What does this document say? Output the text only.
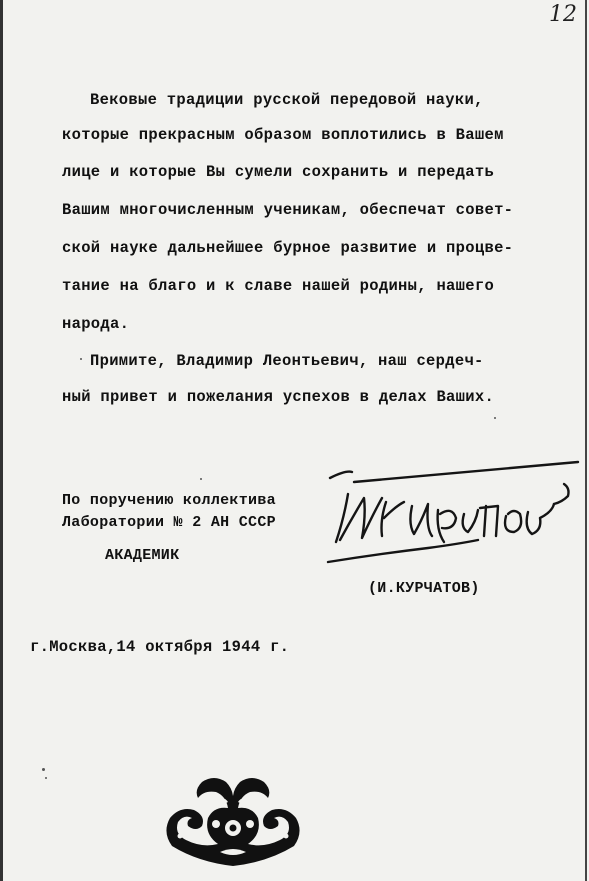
12
Вековые традиции русской передовой науки,
которые прекрасным образом воплотились в Вашем
лице и которые Вы сумели сохранить и передать
Вашим многочисленным ученикам, обеспечат совет-
ской науке дальнейшее бурное развитие и процве-
тание на благо и к славе нашей родины, нашего
народа.
Примите, Владимир Леонтьевич, наш сердеч-
ный привет и пожелания успехов в делах Ваших.
По поручению коллектива
Лаборатории № 2 АН СССР
АКАДЕМИК
(И.КУРЧАТОВ)
г.Москва,14 октября 1944 г.
